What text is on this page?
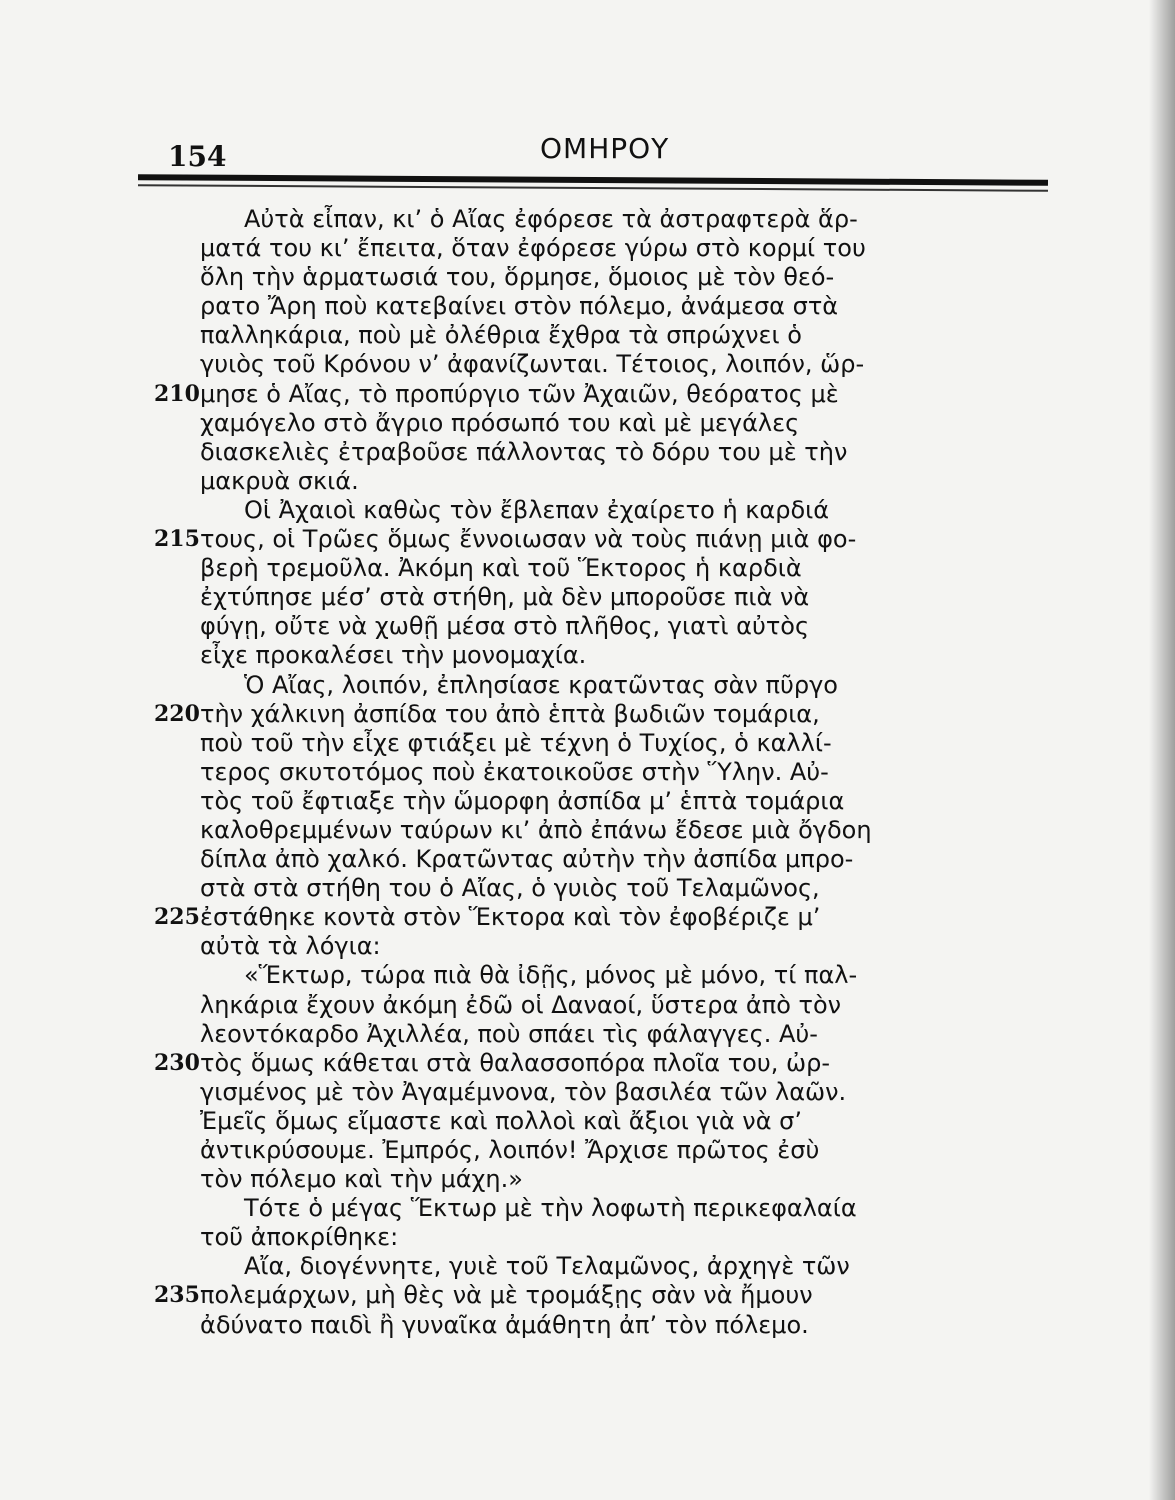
154	ΟΜΗΡΟΥ
Αὐτὰ εἶπαν, κι’ ὁ Αἴας ἐφόρεσε τὰ ἀστραφτερὰ ἅρ-
ματά του κι’ ἔπειτα, ὅταν ἐφόρεσε γύρω στὸ κορμί του
ὅλη τὴν ἁρματωσιά του, ὅρμησε, ὅμοιος μὲ τὸν θεό-
ρατο Ἄρη ποὺ κατεβαίνει στὸν πόλεμο, ἀνάμεσα στὰ
παλληκάρια, ποὺ μὲ ὀλέθρια ἔχθρα τὰ σπρώχνει ὁ
γυιὸς τοῦ Κρόνου ν’ ἀφανίζωνται. Τέτοιος, λοιπόν, ὥρ-
210 μησε ὁ Αἴας, τὸ προπύργιο τῶν Ἀχαιῶν, θεόρατος μὲ
χαμόγελο στὸ ἄγριο πρόσωπό του καὶ μὲ μεγάλες
διασκελιὲς ἐτραβοῦσε πάλλοντας τὸ δόρυ του μὲ τὴν
μακρυὰ σκιά.
Οἱ Ἀχαιοὶ καθὼς τὸν ἔβλεπαν ἐχαίρετο ἡ καρδιά
215 τους, οἱ Τρῶες ὅμως ἔννοιωσαν νὰ τοὺς πιάνῃ μιὰ φο-
βερὴ τρεμοῦλα. Ἀκόμη καὶ τοῦ Ἕκτορος ἡ καρδιὰ
ἐχτύπησε μέσ’ στὰ στήθη, μὰ δὲν μποροῦσε πιὰ νὰ
φύγῃ, οὔτε νὰ χωθῇ μέσα στὸ πλῆθος, γιατὶ αὐτὸς
εἶχε προκαλέσει τὴν μονομαχία.
Ὁ Αἴας, λοιπόν, ἐπλησίασε κρατῶντας σὰν πῦργο
220 τὴν χάλκινη ἀσπίδα του ἀπὸ ἑπτὰ βωδιῶν τομάρια,
ποὺ τοῦ τὴν εἶχε φτιάξει μὲ τέχνη ὁ Τυχίος, ὁ καλλί-
τερος σκυτοτόμος ποὺ ἐκατοικοῦσε στὴν Ὕλην. Αὐ-
τὸς τοῦ ἔφτιαξε τὴν ὥμορφη ἀσπίδα μ’ ἑπτὰ τομάρια
καλοθρεμμένων ταύρων κι’ ἀπὸ ἐπάνω ἔδεσε μιὰ ὄγδοη
δίπλα ἀπὸ χαλκό. Κρατῶντας αὐτὴν τὴν ἀσπίδα μπρο-
στὰ στὰ στήθη του ὁ Αἴας, ὁ γυιὸς τοῦ Τελαμῶνος,
225 ἐστάθηκε κοντὰ στὸν Ἕκτορα καὶ τὸν ἐφοβέριζε μ’
αὐτὰ τὰ λόγια:
«Ἕκτωρ, τώρα πιὰ θὰ ἰδῇς, μόνος μὲ μόνο, τί παλ-
ληκάρια ἔχουν ἀκόμη ἐδῶ οἱ Δαναοί, ὕστερα ἀπὸ τὸν
λεοντόκαρδο Ἀχιλλέα, ποὺ σπάει τὶς φάλαγγες. Αὐ-
230 τὸς ὅμως κάθεται στὰ θαλασσοπόρα πλοῖα του, ὠρ-
γισμένος μὲ τὸν Ἀγαμέμνονα, τὸν βασιλέα τῶν λαῶν.
Ἐμεῖς ὅμως εἴμαστε καὶ πολλοὶ καὶ ἄξιοι γιὰ νὰ σ’
ἀντικρύσουμε. Ἐμπρός, λοιπόν! Ἄρχισε πρῶτος ἐσὺ
τὸν πόλεμο καὶ τὴν μάχη.»
Τότε ὁ μέγας Ἕκτωρ μὲ τὴν λοφωτὴ περικεφαλαία
τοῦ ἀποκρίθηκε:
Αἴα, διογέννητε, γυιὲ τοῦ Τελαμῶνος, ἀρχηγὲ τῶν
235 πολεμάρχων, μὴ θὲς νὰ μὲ τρομάξῃς σὰν νὰ ἤμουν
ἀδύνατο παιδὶ ἢ γυναῖκα ἀμάθητη ἀπ’ τὸν πόλεμο.
